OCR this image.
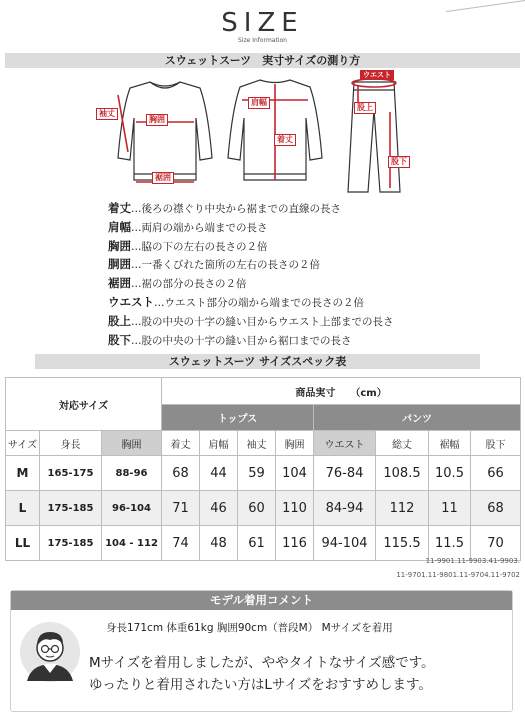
SIZE
Size Information
スウェットスーツ　実寸サイズの測り方
袖丈
胸囲
裾囲
肩幅
着丈
ウエスト
股上
股下
着丈…後ろの襟ぐり中央から裾までの直線の長さ
肩幅…両肩の端から端までの長さ
胸囲…脇の下の左右の長さの２倍
胴囲…一番くびれた箇所の左右の長さの２倍
裾囲…裾の部分の長さの２倍
ウエスト…ウエスト部分の端から端までの長さの２倍
股上…股の中央の十字の縫い目からウエスト上部までの長さ
股下…股の中央の十字の縫い目から裾口までの長さ
スウェットスーツ サイズスペック表
対応サイズ			商品実寸　　（cm）							
			トップス				パンツ			
サイズ	身長	胸囲	着丈	肩幅	袖丈	胸囲	ウエスト	総丈	裾幅	股下
M	165-175	88-96	68	44	59	104	76-84	108.5	10.5	66
L	175-185	96-104	71	46	60	110	84-94	112	11	68
LL	175-185	104 - 112	74	48	61	116	94-104	115.5	11.5	70
11-9901.11-9903.41-9903.
11-9701.11-9801.11-9704.11-9702
モデル着用コメント
身長171cm 体重61kg 胸囲90cm（普段M） Mサイズを着用
Mサイズを着用しましたが、ややタイトなサイズ感です。
ゆったりと着用されたい方はLサイズをおすすめします。
